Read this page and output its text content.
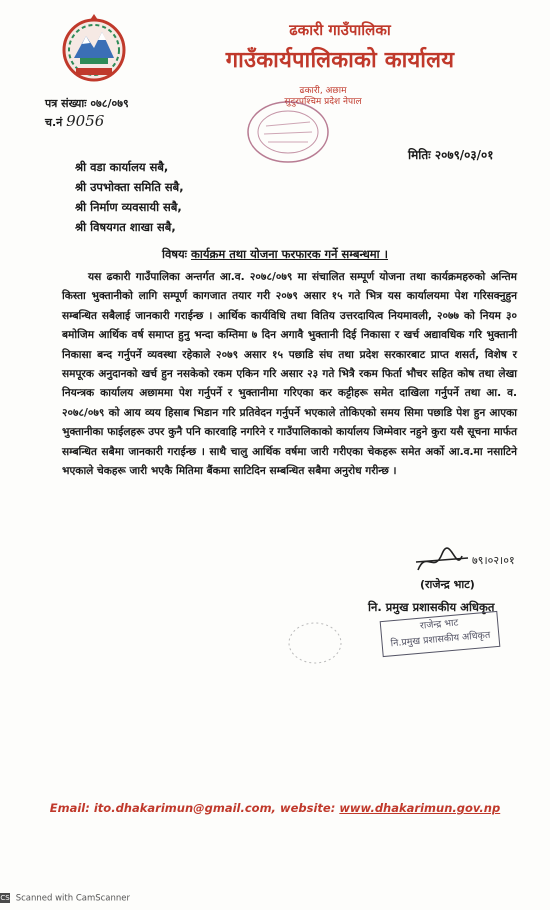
ढकारी गाउँपालिका
गाउँकार्यपालिकाको कार्यालय
पत्र संख्याः ०७८/०७९
च.नं 9056
ढकारी, अछाम
सुदुरपश्चिम प्रदेश नेपाल
मितिः २०७९/०३/०१
श्री वडा कार्यालय सबै,
श्री उपभोक्ता समिति सबै,
श्री निर्माण व्यवसायी सबै,
श्री विषयगत शाखा सबै,
विषयः कार्यक्रम तथा योजना फरफारक गर्ने सम्बन्धमा ।
यस ढकारी गाउँपालिका अन्तर्गत आ.व. २०७८/०७९ मा संचालित सम्पूर्ण योजना तथा कार्यक्रमहरुको अन्तिम किस्ता भुक्तानीको लागि सम्पूर्ण कागजात तयार गरी २०७९ असार १५ गते भित्र यस कार्यालयमा पेश गरिसक्नुहुन सम्बन्धित सबैलाई जानकारी गराईन्छ । आर्थिक कार्यविधि तथा वितिय उत्तरदायित्व नियमावली, २०७७ को नियम ३० बमोजिम आर्थिक वर्ष समाप्त हुनु भन्दा कम्तिमा ७ दिन अगावै भुक्तानी दिई निकासा र खर्च अद्यावधिक गरि भुक्तानी निकासा बन्द गर्नुपर्ने व्यवस्था रहेकाले २०७९ असार १५ पछाडि संघ तथा प्रदेश सरकारबाट प्राप्त शसर्त, विशेष र समपूरक अनुदानको खर्च हुन नसकेको रकम एकिन गरि असार २३ गते भित्रै रकम फिर्ता भौचर सहित कोष तथा लेखा नियन्त्रक कार्यालय अछाममा पेश गर्नुपर्ने र भुक्तानीमा गरिएका कर कट्टीहरू समेत दाखिला गर्नुपर्ने तथा आ. व. २०७८/०७९ को आय व्यय हिसाब भिडान गरि प्रतिवेदन गर्नुपर्ने भएकाले तोकिएको समय सिमा पछाडि पेश हुन आएका भुक्तानीका फाईलहरू उपर कुनै पनि कारवाहि नगरिने र गाउँपालिकाको कार्यालय जिम्मेवार नहुने कुरा यसै सूचना मार्फत सम्बन्धित सबैमा जानकारी गराईन्छ । साथै चालु आर्थिक वर्षमा जारी गरीएका चेकहरू समेत अर्को आ.व.मा नसाटिने भएकाले चेकहरू जारी भएकै मितिमा बैंकमा साटिदिन सम्बन्धित सबैमा अनुरोध गरीन्छ ।
७९।०२।०१
(राजेन्द्र भाट)
नि. प्रमुख प्रशासकीय अधिकृत
राजेन्द्र भाट
नि.प्रमुख प्रशासकीय अधिकृत
Email: ito.dhakarimun@gmail.com, website: www.dhakarimun.gov.np
CS Scanned with CamScanner
